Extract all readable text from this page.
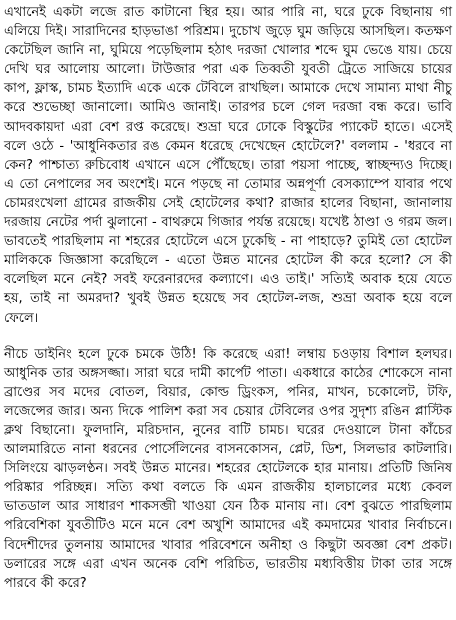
এখানেই একটা লজে রাত কাটানো স্থির হয়। আর পারি না, ঘরে ঢুকে বিছানায় গা এলিয়ে দিই। সারাদিনের হাড়ভাঙা পরিশ্রম। দুচোখ জুড়ে ঘুম জড়িয়ে আসছিল। কতক্ষণ কেটেছিল জানি না, ঘুমিয়ে পড়েছিলাম হঠাৎ দরজা খোলার শব্দে ঘুম ভেঙে যায়। চেয়ে দেখি ঘর আলোয় আলো। টাউজার পরা এক তিব্বতী যুবতী ট্রেতে সাজিয়ে চায়ের কাপ, ফ্লাস্ক, চামচ ইত্যাদি একে একে টেবিলে রাখছিল। আমাকে দেখে সামান্য মাথা নীচু করে শুভেচ্ছা জানালো। আমিও জানাই। তারপর চলে গেল দরজা বন্ধ করে। ভাবি আদবকায়দা এরা বেশ রপ্ত করেছে। শুভ্রা ঘরে ঢোকে বিস্কুটের প্যাকেট হাতে। এসেই বলে ওঠে - 'আধুনিকতার রঙ কেমন ধরেছে দেখেছেন হোটেলে?' বললাম - 'ধরবে না কেন? পাশ্চাত্য রুচিবোধ এখানে এসে পৌঁছেছে। তারা পয়সা পাচ্ছে, স্বাচ্ছন্দ্যও দিচ্ছে। এ তো নেপালের সব অংশেই। মনে পড়ছে না তোমার অন্নপূর্ণা বেসক্যাম্পে যাবার পথে চোমরংখেলা গ্রামের রাজকীয় সেই হোটেলের কথা? রাজার হালের বিছানা, জানালায় দরজায় নেটের পর্দা ঝুলানো - বাথরুমে গিজার পর্যন্ত রয়েছে। যখেষ্ট ঠাণ্ডা ও গরম জল। ভাবতেই পারছিলাম না শহরের হোটেলে এসে ঢুকেছি - না পাহাড়ে? তুমিই তো হোটেল মালিককে জিজ্ঞাসা করেছিলে - এতো উন্নত মানের হোটেল কী করে হলো? সে কী বলেছিল মনে নেই? সবই ফরেনারদের কল্যাণে। এও তাই।' সত্যিই অবাক হয়ে যেতে হয়, তাই না অমরদা? খুবই উন্নত হয়েছে সব হোটেল-লজ, শুভ্রা অবাক হয়ে বলে ফেলে।

নীচে ডাইনিং হলে ঢুকে চমকে উঠি! কি করেছে এরা! লম্বায় চওড়ায় বিশাল হলঘর। আধুনিক তার অঙ্গসজ্জা। সারা ঘরে দামী কার্পেট পাতা। একধারে কাঠের শোকেসে নানা ব্রাণ্ডের সব মদের বোতল, বিয়ার, কোল্ড ড্রিংকস, পনির, মাখন, চকোলেট, টফি, লজেন্সের জার। অন্য দিকে পালিশ করা সব চেয়ার টেবিলের ওপর সুদৃশ্য রঙিন প্লাস্টিক ক্লথ বিছানো। ফুলদানি, মরিচদান, নুনের বাটি চামচ। ঘরের দেওয়ালে টানা কাঁচের আলমারিতে নানা ধরনের পোর্সেলিনের বাসনকোসন, প্লেট, ডিশ, সিলভার কাটলারি। সিলিংয়ে ঝাড়লণ্ঠন। সবই উন্নত মানের। শহরের হোটেলকে হার মানায়। প্রতিটি জিনিষ পরিষ্কার পরিচ্ছন্ন। সত্যি কথা বলতে কি এমন রাজকীয় হালচালের মধ্যে কেবল ভাতডাল আর সাধারণ শাকসব্জী খাওয়া যেন ঠিক মানায় না। বেশ বুঝতে পারছিলাম পরিবেশিকা যুবতীটিও মনে মনে বেশ অখুশি আমাদের এই কমদামের খাবার নির্বাচনে। বিদেশীদের তুলনায় আমাদের খাবার পরিবেশনে অনীহা ও কিছুটা অবজ্ঞা বেশ প্রকট। ডলারের সঙ্গে এরা এখন অনেক বেশি পরিচিত, ভারতীয় মধ্যবিত্তীয় টাকা তার সঙ্গে পারবে কী করে?
